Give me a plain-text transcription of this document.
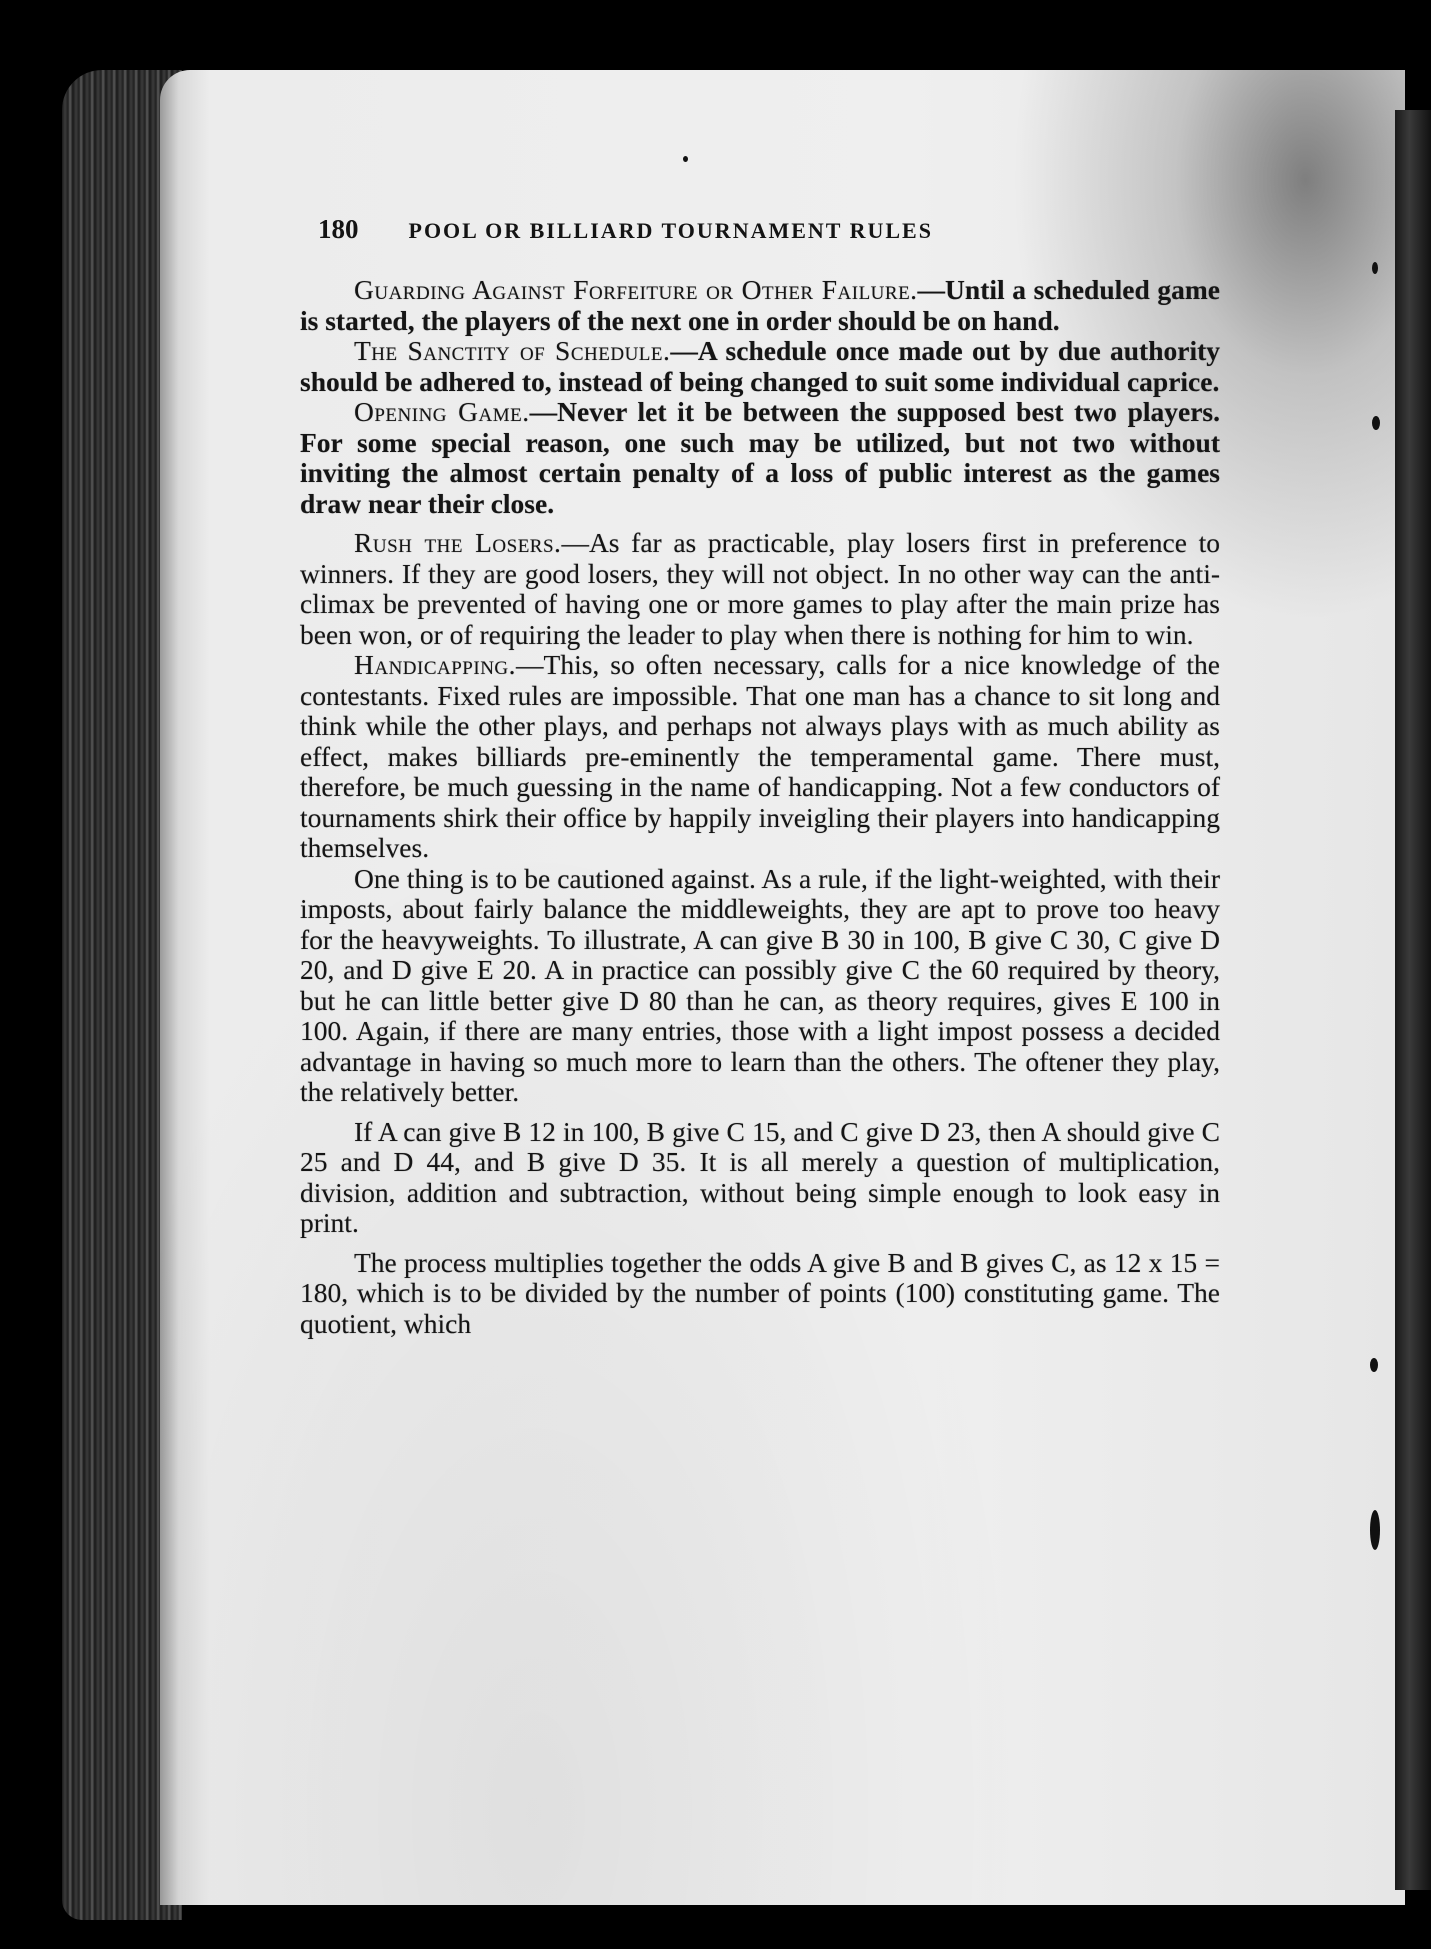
180 POOL OR BILLIARD TOURNAMENT RULES

Guarding Against Forfeiture or Other Failure.—Until a scheduled game is started, the players of the next one in order should be on hand.

The Sanctity of Schedule.—A schedule once made out by due authority should be adhered to, instead of being changed to suit some individual caprice.

Opening Game.—Never let it be between the supposed best two players. For some special reason, one such may be utilized, but not two without inviting the almost certain penalty of a loss of public interest as the games draw near their close.

Rush the Losers.—As far as practicable, play losers first in preference to winners. If they are good losers, they will not object. In no other way can the anti-climax be prevented of having one or more games to play after the main prize has been won, or of requiring the leader to play when there is nothing for him to win.

Handicapping.—This, so often necessary, calls for a nice knowledge of the contestants. Fixed rules are impossible. That one man has a chance to sit long and think while the other plays, and perhaps not always plays with as much ability as effect, makes billiards pre-eminently the temperamental game. There must, therefore, be much guessing in the name of handicapping. Not a few conductors of tournaments shirk their office by happily inveigling their players into handicapping themselves.

One thing is to be cautioned against. As a rule, if the light-weighted, with their imposts, about fairly balance the middleweights, they are apt to prove too heavy for the heavyweights. To illustrate, A can give B 30 in 100, B give C 30, C give D 20, and D give E 20. A in practice can possibly give C the 60 required by theory, but he can little better give D 80 than he can, as theory requires, gives E 100 in 100. Again, if there are many entries, those with a light impost possess a decided advantage in having so much more to learn than the others. The oftener they play, the relatively better.

If A can give B 12 in 100, B give C 15, and C give D 23, then A should give C 25 and D 44, and B give D 35. It is all merely a question of multiplication, division, addition and subtraction, without being simple enough to look easy in print.

The process multiplies together the odds A give B and B gives C, as 12 x 15 = 180, which is to be divided by the number of points (100) constituting game. The quotient, which
